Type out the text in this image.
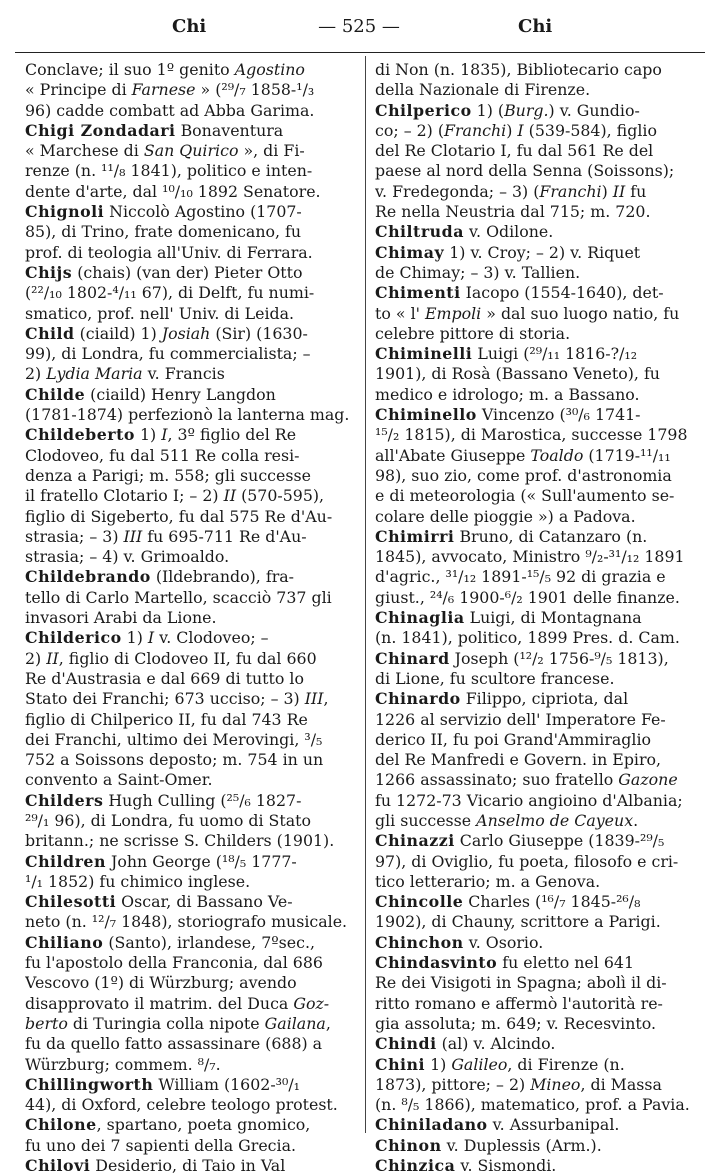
Chi	— 525 —	Chi
Conclave; il suo 1º genito Agostino
« Principe di Farnese » (²⁹/₇ 1858-¹/₃
96) cadde combatt ad Abba Garima.
Chigi Zondadari Bonaventura
« Marchese di San Quirico », di Fi-
renze (n. ¹¹/₈ 1841), politico e inten-
dente d'arte, dal ¹⁰/₁₀ 1892 Senatore.
Chignoli Niccolò Agostino (1707-
85), di Trino, frate domenicano, fu
prof. di teologia all'Univ. di Ferrara.
Chijs (chais) (van der) Pieter Otto
(²²/₁₀ 1802-⁴/₁₁ 67), di Delft, fu numi-
smatico, prof. nell' Univ. di Leida.
Child (ciaild) 1) Josiah (Sir) (1630-
99), di Londra, fu commercialista; –
2) Lydia Maria v. Francis
Childe (ciaild) Henry Langdon
(1781-1874) perfezionò la lanterna mag.
Childeberto 1) I, 3º figlio del Re
Clodoveo, fu dal 511 Re colla resi-
denza a Parigi; m. 558; gli successe
il fratello Clotario I; – 2) II (570-595),
figlio di Sigeberto, fu dal 575 Re d'Au-
strasia; – 3) III fu 695-711 Re d'Au-
strasia; – 4) v. Grimoaldo.
Childebrando (Ildebrando), fra-
tello di Carlo Martello, scacciò 737 gli
invasori Arabi da Lione.
Childerico 1) I v. Clodoveo; –
2) II, figlio di Clodoveo II, fu dal 660
Re d'Austrasia e dal 669 di tutto lo
Stato dei Franchi; 673 ucciso; – 3) III,
figlio di Chilperico II, fu dal 743 Re
dei Franchi, ultimo dei Merovingi, ³/₅
752 a Soissons deposto; m. 754 in un
convento a Saint-Omer.
Childers Hugh Culling (²⁵/₆ 1827-
²⁹/₁ 96), di Londra, fu uomo di Stato
britann.; ne scrisse S. Childers (1901).
Children John George (¹⁸/₅ 1777-
¹/₁ 1852) fu chimico inglese.
Chilesotti Oscar, di Bassano Ve-
neto (n. ¹²/₇ 1848), storiografo musicale.
Chiliano (Santo), irlandese, 7ºsec.,
fu l'apostolo della Franconia, dal 686
Vescovo (1º) di Würzburg; avendo
disapprovato il matrim. del Duca Goz-
berto di Turingia colla nipote Gailana,
fu da quello fatto assassinare (688) a
Würzburg; commem. ⁸/₇.
Chillingworth William (1602-³⁰/₁
44), di Oxford, celebre teologo protest.
Chilone, spartano, poeta gnomico,
fu uno dei 7 sapienti della Grecia.
Chilovi Desiderio, di Taio in Val
di Non (n. 1835), Bibliotecario capo
della Nazionale di Firenze.
Chilperico 1) (Burg.) v. Gundio-
co; – 2) (Franchi) I (539-584), figlio
del Re Clotario I, fu dal 561 Re del
paese al nord della Senna (Soissons);
v. Fredegonda; – 3) (Franchi) II fu
Re nella Neustria dal 715; m. 720.
Chiltruda v. Odilone.
Chimay 1) v. Croy; – 2) v. Riquet
de Chimay; – 3) v. Tallien.
Chimenti Iacopo (1554-1640), det-
to « l' Empoli » dal suo luogo natio, fu
celebre pittore di storia.
Chiminelli Luigi (²⁹/₁₁ 1816-?/₁₂
1901), di Rosà (Bassano Veneto), fu
medico e idrologo; m. a Bassano.
Chiminello Vincenzo (³⁰/₆ 1741-
¹⁵/₂ 1815), di Marostica, successe 1798
all'Abate Giuseppe Toaldo (1719-¹¹/₁₁
98), suo zio, come prof. d'astronomia
e di meteorologia (« Sull'aumento se-
colare delle pioggie ») a Padova.
Chimirri Bruno, di Catanzaro (n.
1845), avvocato, Ministro ⁹/₂-³¹/₁₂ 1891
d'agric., ³¹/₁₂ 1891-¹⁵/₅ 92 di grazia e
giust., ²⁴/₆ 1900-⁶/₂ 1901 delle finanze.
Chinaglia Luigi, di Montagnana
(n. 1841), politico, 1899 Pres. d. Cam.
Chinard Joseph (¹²/₂ 1756-⁹/₅ 1813),
di Lione, fu scultore francese.
Chinardo Filippo, cipriota, dal
1226 al servizio dell' Imperatore Fe-
derico II, fu poi Grand'Ammiraglio
del Re Manfredi e Govern. in Epiro,
1266 assassinato; suo fratello Gazone
fu 1272-73 Vicario angioino d'Albania;
gli successe Anselmo de Cayeux.
Chinazzi Carlo Giuseppe (1839-²⁹/₅
97), di Oviglio, fu poeta, filosofo e cri-
tico letterario; m. a Genova.
Chincolle Charles (¹⁶/₇ 1845-²⁶/₈
1902), di Chauny, scrittore a Parigi.
Chinchon v. Osorio.
Chindasvinto fu eletto nel 641
Re dei Visigoti in Spagna; abolì il di-
ritto romano e affermò l'autorità re-
gia assoluta; m. 649; v. Recesvinto.
Chindi (al) v. Alcindo.
Chini 1) Galileo, di Firenze (n.
1873), pittore; – 2) Mineo, di Massa
(n. ⁸/₅ 1866), matematico, prof. a Pavia.
Chiniladano v. Assurbanipal.
Chinon v. Duplessis (Arm.).
Chinzica v. Sismondi.
